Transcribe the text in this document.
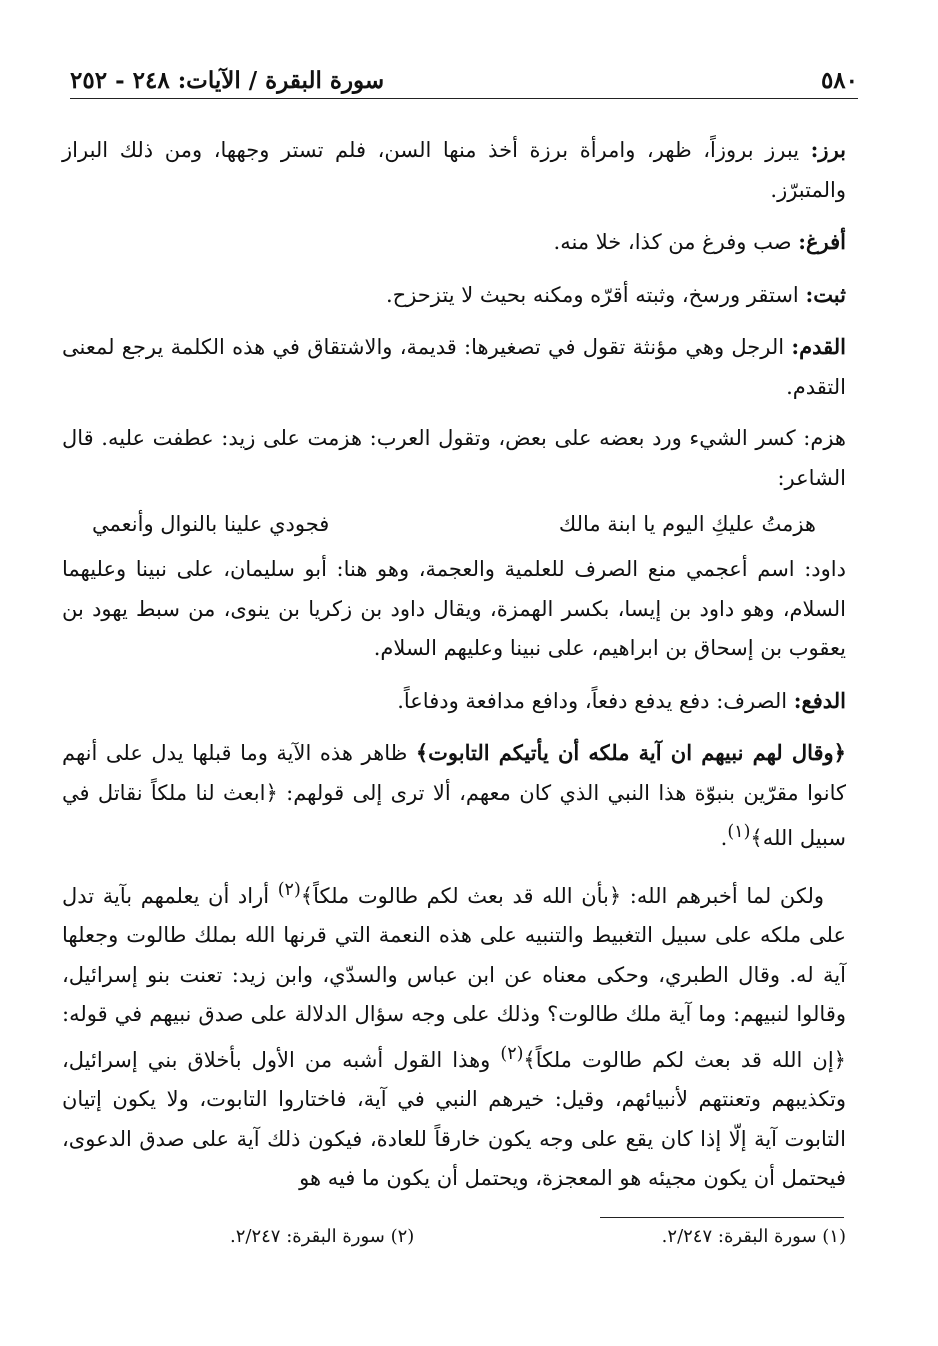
٥٨٠
سورة البقرة / الآيات: ٢٤٨ - ٢٥٢

برز: يبرز بروزاً، ظهر، وامرأة برزة أخذ منها السن، فلم تستر وجهها، ومن ذلك البراز والمتبرّز.

أفرغ: صب وفرغ من كذا، خلا منه.

ثبت: استقر ورسخ، وثبته أقرّه ومكنه بحيث لا يتزحزح.

القدم: الرجل وهي مؤنثة تقول في تصغيرها: قديمة، والاشتقاق في هذه الكلمة يرجع لمعنى التقدم.

هزم: كسر الشيء ورد بعضه على بعض، وتقول العرب: هزمت على زيد: عطفت عليه. قال الشاعر:

هزمتُ عليكِ اليوم يا ابنة مالك
فجودي علينا بالنوال وأنعمي

داود: اسم أعجمي منع الصرف للعلمية والعجمة، وهو هنا: أبو سليمان، على نبينا وعليهما السلام، وهو داود بن إيسا، بكسر الهمزة، ويقال داود بن زكريا بن ينوى، من سبط يهود بن يعقوب بن إسحاق بن ابراهيم، على نبينا وعليهم السلام.

الدفع: الصرف: دفع يدفع دفعاً، ودافع مدافعة ودفاعاً.

﴿وقال لهم نبيهم ان آية ملكه أن يأتيكم التابوت﴾ ظاهر هذه الآية وما قبلها يدل على أنهم كانوا مقرّين بنبوّة هذا النبي الذي كان معهم، ألا ترى إلى قولهم: ﴿ابعث لنا ملكاً نقاتل في سبيل الله﴾$^{(١)}$.

ولكن لما أخبرهم الله: ﴿بأن الله قد بعث لكم طالوت ملكاً﴾$^{(٢)}$ أراد أن يعلمهم بآية تدل على ملكه على سبيل التغبيط والتنبيه على هذه النعمة التي قرنها الله بملك طالوت وجعلها آية له. وقال الطبري، وحكى معناه عن ابن عباس والسدّي، وابن زيد: تعنت بنو إسرائيل، وقالوا لنبيهم: وما آية ملك طالوت؟ وذلك على وجه سؤال الدلالة على صدق نبيهم في قوله: ﴿إن الله قد بعث لكم طالوت ملكاً﴾$^{(٢)}$ وهذا القول أشبه من الأول بأخلاق بني إسرائيل، وتكذيبهم وتعنتهم لأنبيائهم، وقيل: خيرهم النبي في آية، فاختاروا التابوت، ولا يكون إتيان التابوت آية إلّا إذا كان يقع على وجه يكون خارقاً للعادة، فيكون ذلك آية على صدق الدعوى، فيحتمل أن يكون مجيئه هو المعجزة، ويحتمل أن يكون ما فيه هو

(١) سورة البقرة: ٢/٢٤٧.
(٢) سورة البقرة: ٢/٢٤٧.
